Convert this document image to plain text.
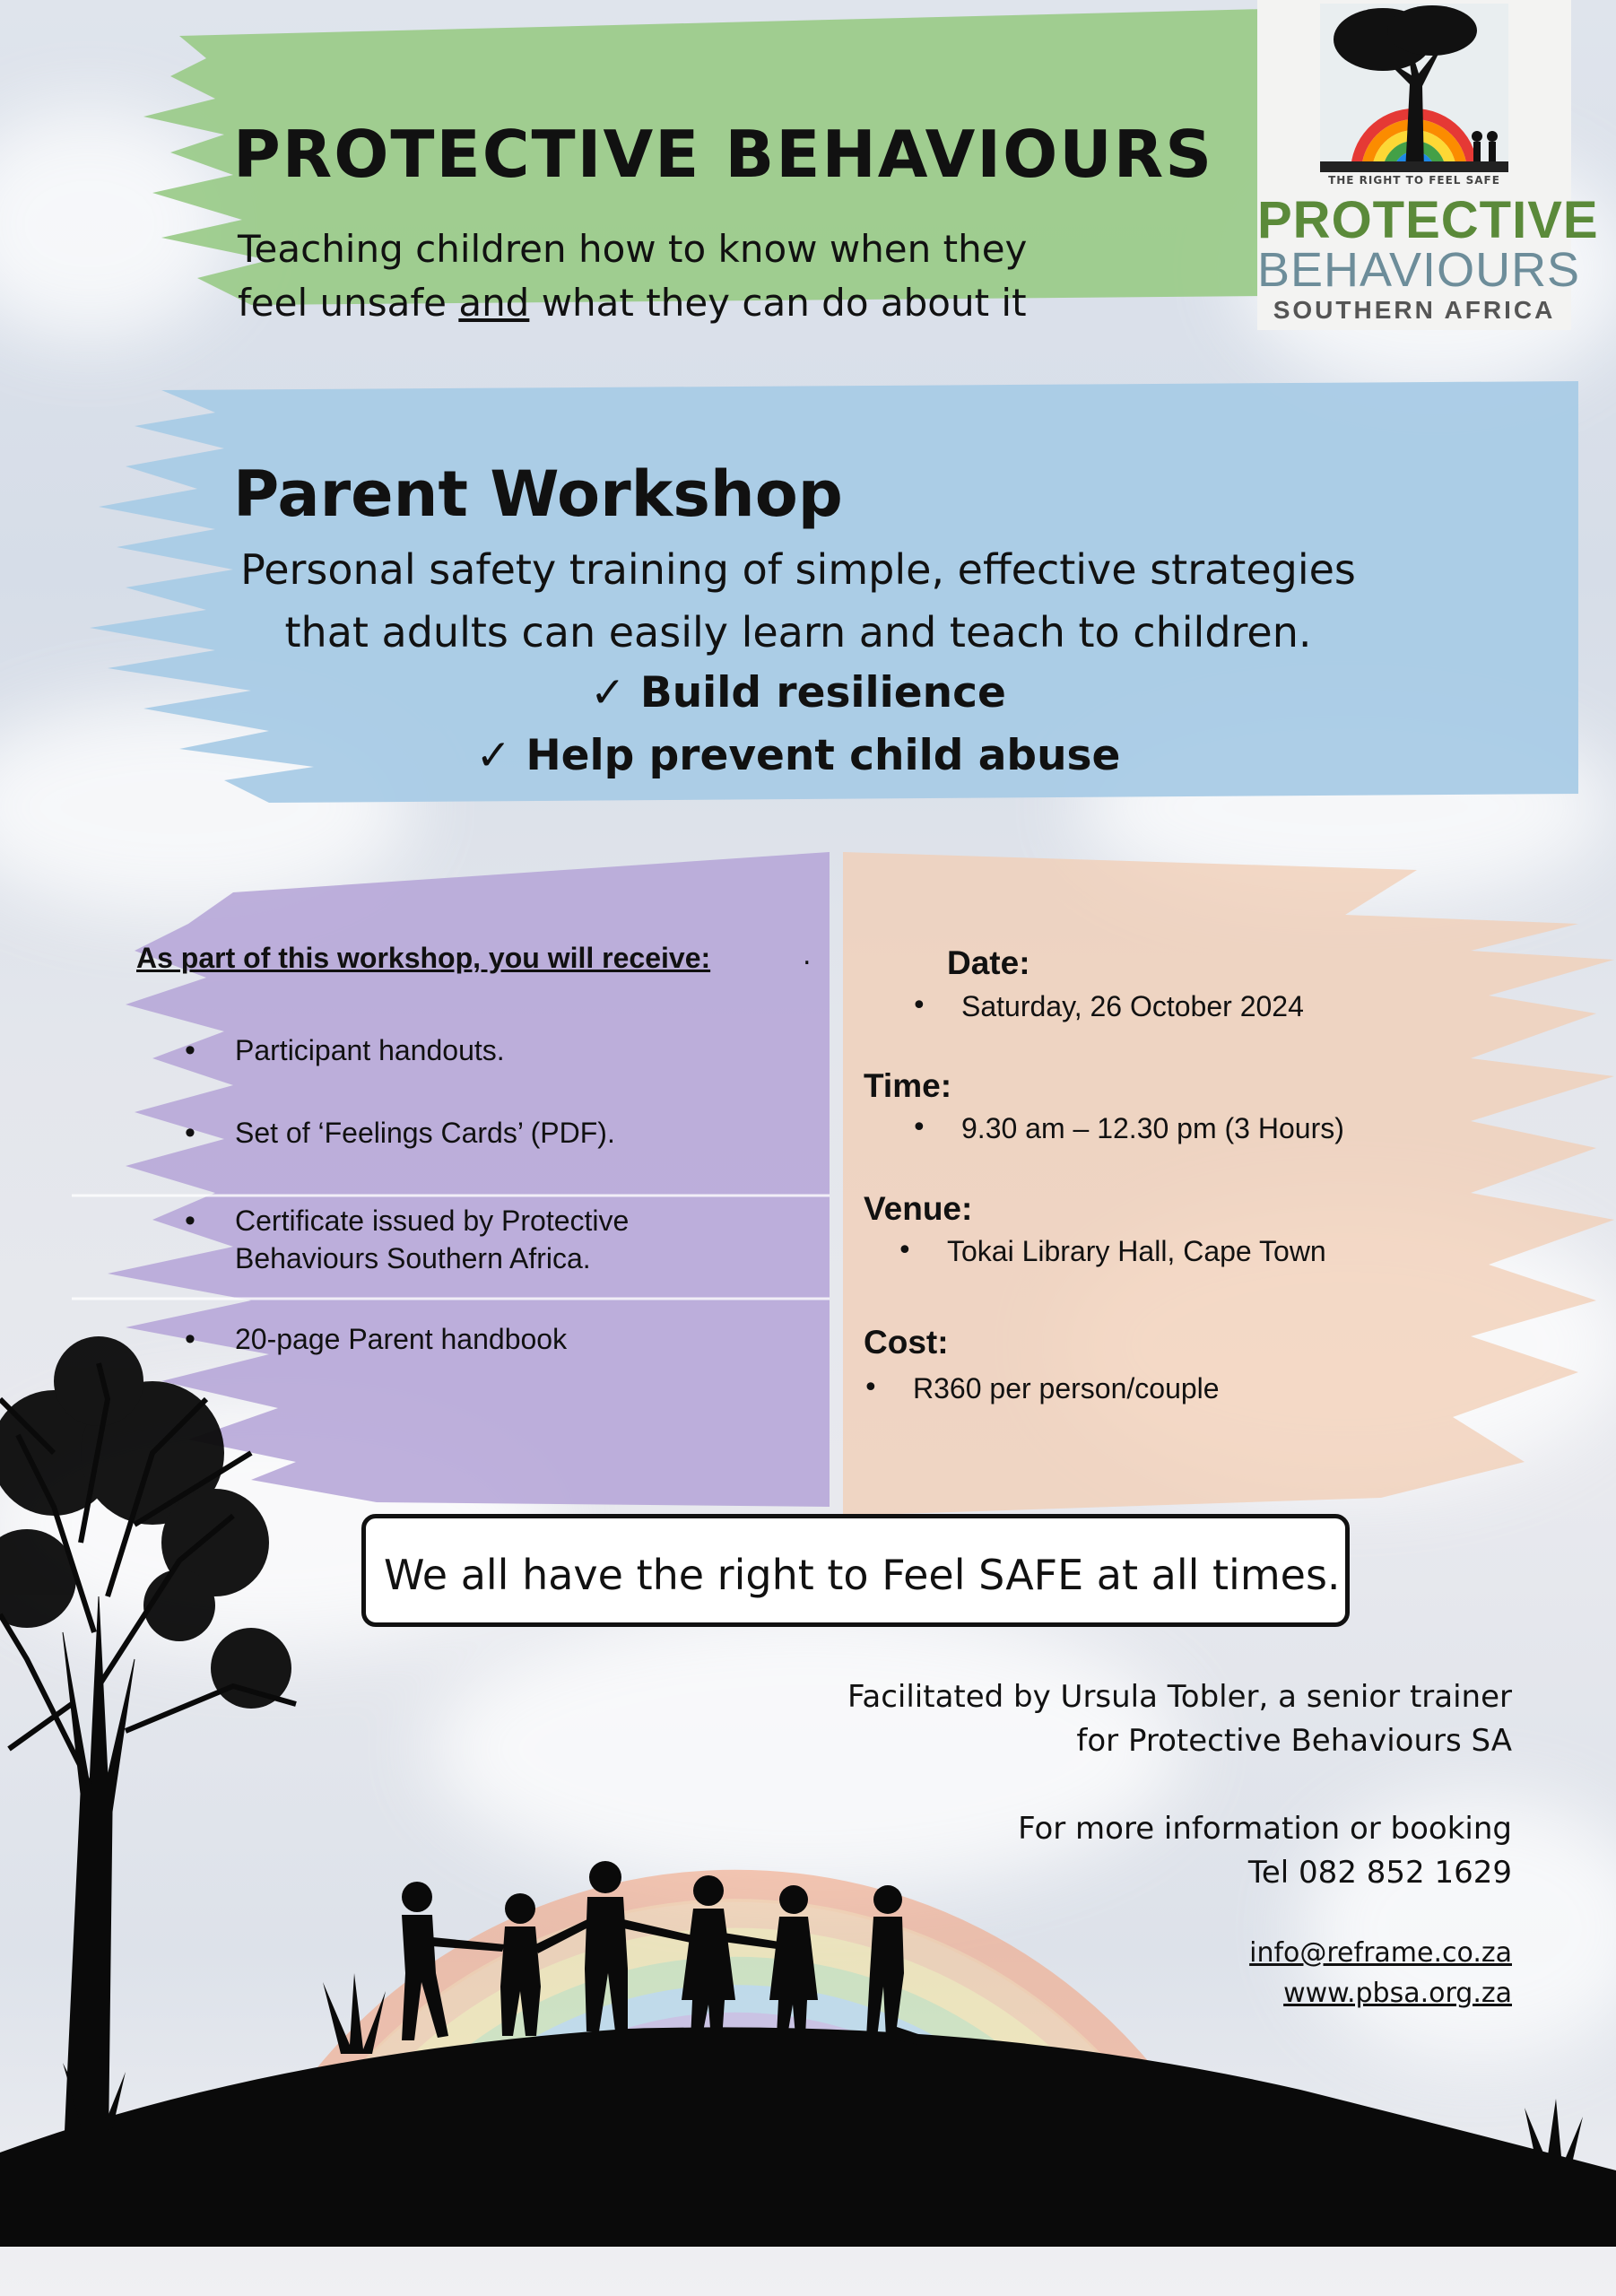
PROTECTIVE BEHAVIOURS

Teaching children how to know when they
feel unsafe and what they can do about it

THE RIGHT TO FEEL SAFE
PROTECTIVE
BEHAVIOURS
SOUTHERN AFRICA
Parent Workshop

Personal safety training of simple, effective strategies
that adults can easily learn and teach to children.

✓ Build resilience

✓ Help prevent child abuse

.

As part of this workshop, you will receive:
• Participant handouts.
• Set of ‘Feelings Cards’ (PDF).
• Certificate issued by Protective Behaviours Southern Africa.
• 20-page Parent handbook
Date:
• Saturday, 26 October 2024

Time:
• 9.30 am – 12.30 pm (3 Hours)

Venue:
• Tokai Library Hall, Cape Town

Cost:
• R360 per person/couple

We all have the right to Feel SAFE at all times.

Facilitated by Ursula Tobler, a senior trainer
for Protective Behaviours SA

For more information or booking
Tel 082 852 1629

info@reframe.co.za

www.pbsa.org.za
